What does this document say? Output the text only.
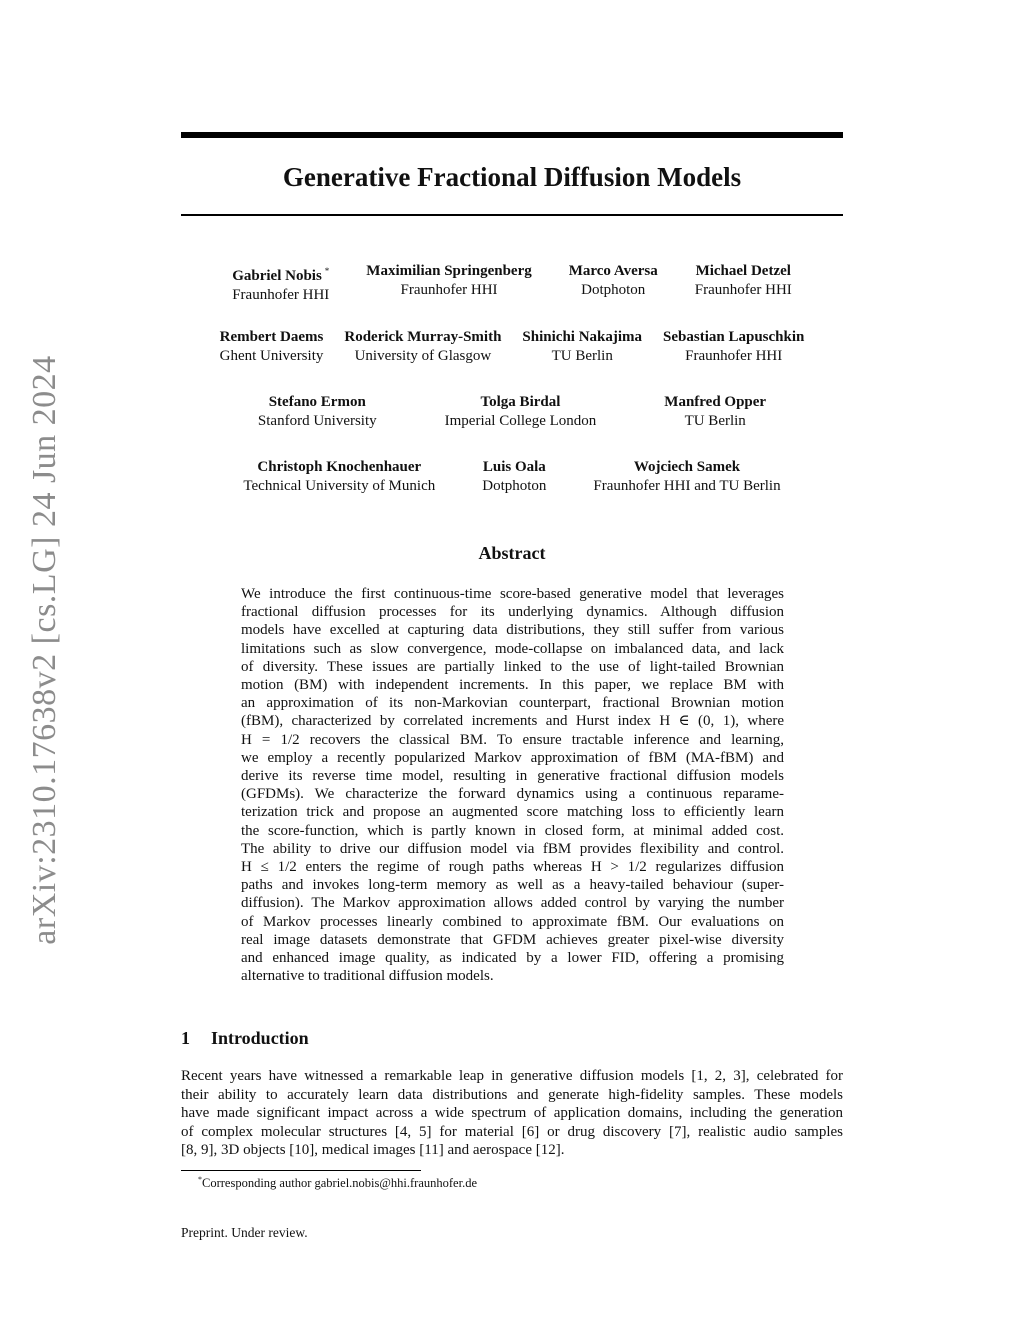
arXiv:2310.17638v2 [cs.LG] 24 Jun 2024
Generative Fractional Diffusion Models
Gabriel Nobis *
Fraunhofer HHI
Maximilian Springenberg
Fraunhofer HHI
Marco Aversa
Dotphoton
Michael Detzel
Fraunhofer HHI
Rembert Daems
Ghent University
Roderick Murray-Smith
University of Glasgow
Shinichi Nakajima
TU Berlin
Sebastian Lapuschkin
Fraunhofer HHI
Stefano Ermon
Stanford University
Tolga Birdal
Imperial College London
Manfred Opper
TU Berlin
Christoph Knochenhauer
Technical University of Munich
Luis Oala
Dotphoton
Wojciech Samek
Fraunhofer HHI and TU Berlin
Abstract
We introduce the first continuous-time score-based generative model that leverages
fractional diffusion processes for its underlying dynamics. Although diffusion
models have excelled at capturing data distributions, they still suffer from various
limitations such as slow convergence, mode-collapse on imbalanced data, and lack
of diversity. These issues are partially linked to the use of light-tailed Brownian
motion (BM) with independent increments. In this paper, we replace BM with
an approximation of its non-Markovian counterpart, fractional Brownian motion
(fBM), characterized by correlated increments and Hurst index H ∈ (0, 1), where
H = 1/2 recovers the classical BM. To ensure tractable inference and learning,
we employ a recently popularized Markov approximation of fBM (MA-fBM) and
derive its reverse time model, resulting in generative fractional diffusion models
(GFDMs). We characterize the forward dynamics using a continuous reparame-
terization trick and propose an augmented score matching loss to efficiently learn
the score-function, which is partly known in closed form, at minimal added cost.
The ability to drive our diffusion model via fBM provides flexibility and control.
H ≤ 1/2 enters the regime of rough paths whereas H > 1/2 regularizes diffusion
paths and invokes long-term memory as well as a heavy-tailed behaviour (super-
diffusion). The Markov approximation allows added control by varying the number
of Markov processes linearly combined to approximate fBM. Our evaluations on
real image datasets demonstrate that GFDM achieves greater pixel-wise diversity
and enhanced image quality, as indicated by a lower FID, offering a promising
alternative to traditional diffusion models.
1 Introduction
Recent years have witnessed a remarkable leap in generative diffusion models [1, 2, 3], celebrated for
their ability to accurately learn data distributions and generate high-fidelity samples. These models
have made significant impact across a wide spectrum of application domains, including the generation
of complex molecular structures [4, 5] for material [6] or drug discovery [7], realistic audio samples
[8, 9], 3D objects [10], medical images [11] and aerospace [12].
*Corresponding author gabriel.nobis@hhi.fraunhofer.de
Preprint. Under review.
